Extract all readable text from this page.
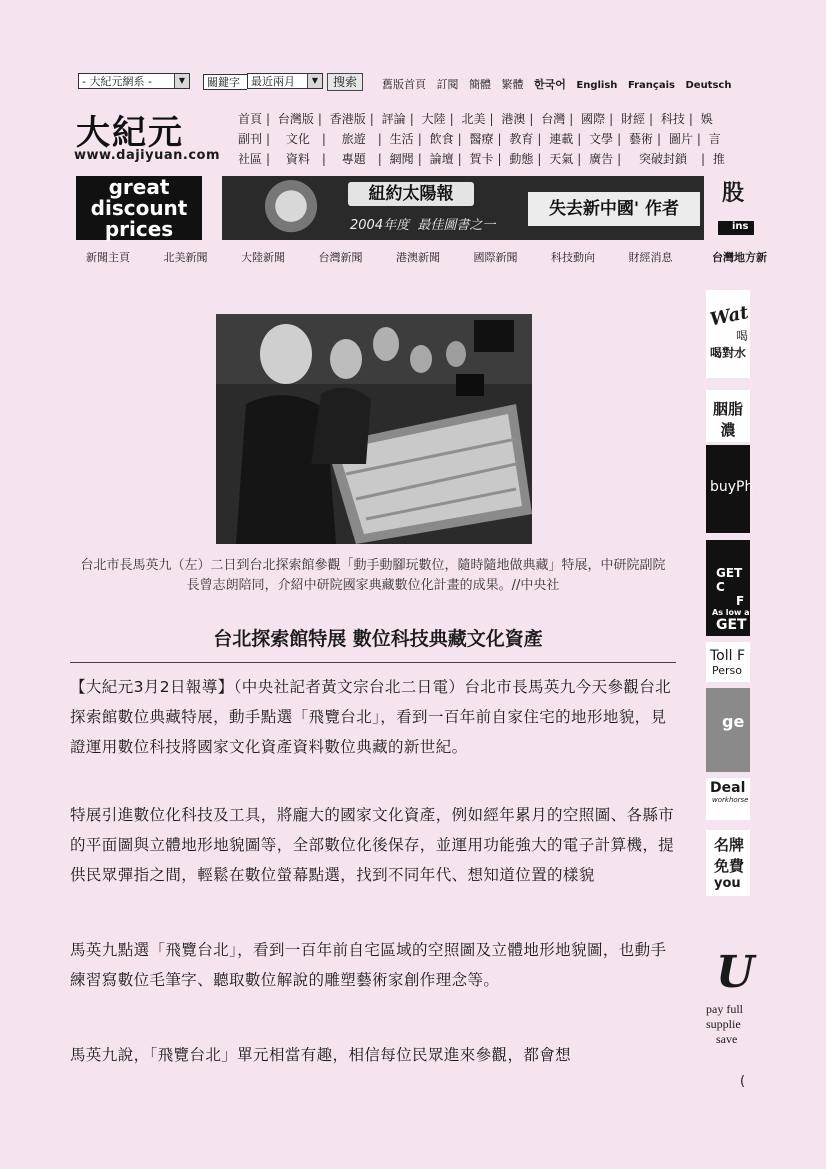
- 大紀元網系 -	▼	關鍵字	最近兩月	▼	搜索	舊版首頁 訂閱 簡體 繁體 한국어 English Français Deutsch
大紀元
www.dajiyuan.com
首頁 | 台灣版 | 香港版 | 評論 | 大陸 | 北美 | 港澳 | 台灣 | 國際 | 財經 | 科技 | 娛
副刊 | 文化 | 旅遊 | 生活 | 飲食 | 醫療 | 教育 | 連載 | 文學 | 藝術 | 圖片 | 言
社區 | 資料 | 專題 | 網聞 | 論壇 | 賀卡 | 動態 | 天氣 | 廣告 | 突破封鎖 | 推
great
discount
prices
紐約太陽報
2004年度 最佳圖書之一
失去新中國' 作者
股
ins
新聞主頁	北美新聞	大陸新聞	台灣新聞	港澳新聞	國際新聞	科技動向	財經消息	台灣地方新
台北市長馬英九（左）二日到台北探索館參觀「動手動腳玩數位，隨時隨地做典藏」特展，中研院副院長曾志朗陪同，介紹中研院國家典藏數位化計畫的成果。//中央社
台北探索館特展 數位科技典藏文化資產
【大紀元3月2日報導】（中央社記者黃文宗台北二日電）台北市長馬英九今天參觀台北探索館數位典藏特展，動手點選「飛覽台北」，看到一百年前自家住宅的地形地貌，見證運用數位科技將國家文化資產資料數位典藏的新世紀。
特展引進數位化科技及工具，將龐大的國家文化資產，例如經年累月的空照圖、各縣市的平面圖與立體地形地貌圖等，全部數位化後保存，並運用功能強大的電子計算機，提供民眾彈指之間，輕鬆在數位螢幕點選，找到不同年代、想知道位置的樣貌
馬英九點選「飛覽台北」，看到一百年前自宅區域的空照圖及立體地形地貌圖，也動手練習寫數位毛筆字、聽取數位解說的雕塑藝術家創作理念等。
馬英九說，「飛覽台北」單元相當有趣，相信每位民眾進來參觀，都會想
Wat
喝
喝對水
胭脂
濃
buyPh
GET C
F
As low a
GET
Toll F
Perso
ge
Deal
workhorse
名牌
免費
you
U
pay full
supplie
save
(
